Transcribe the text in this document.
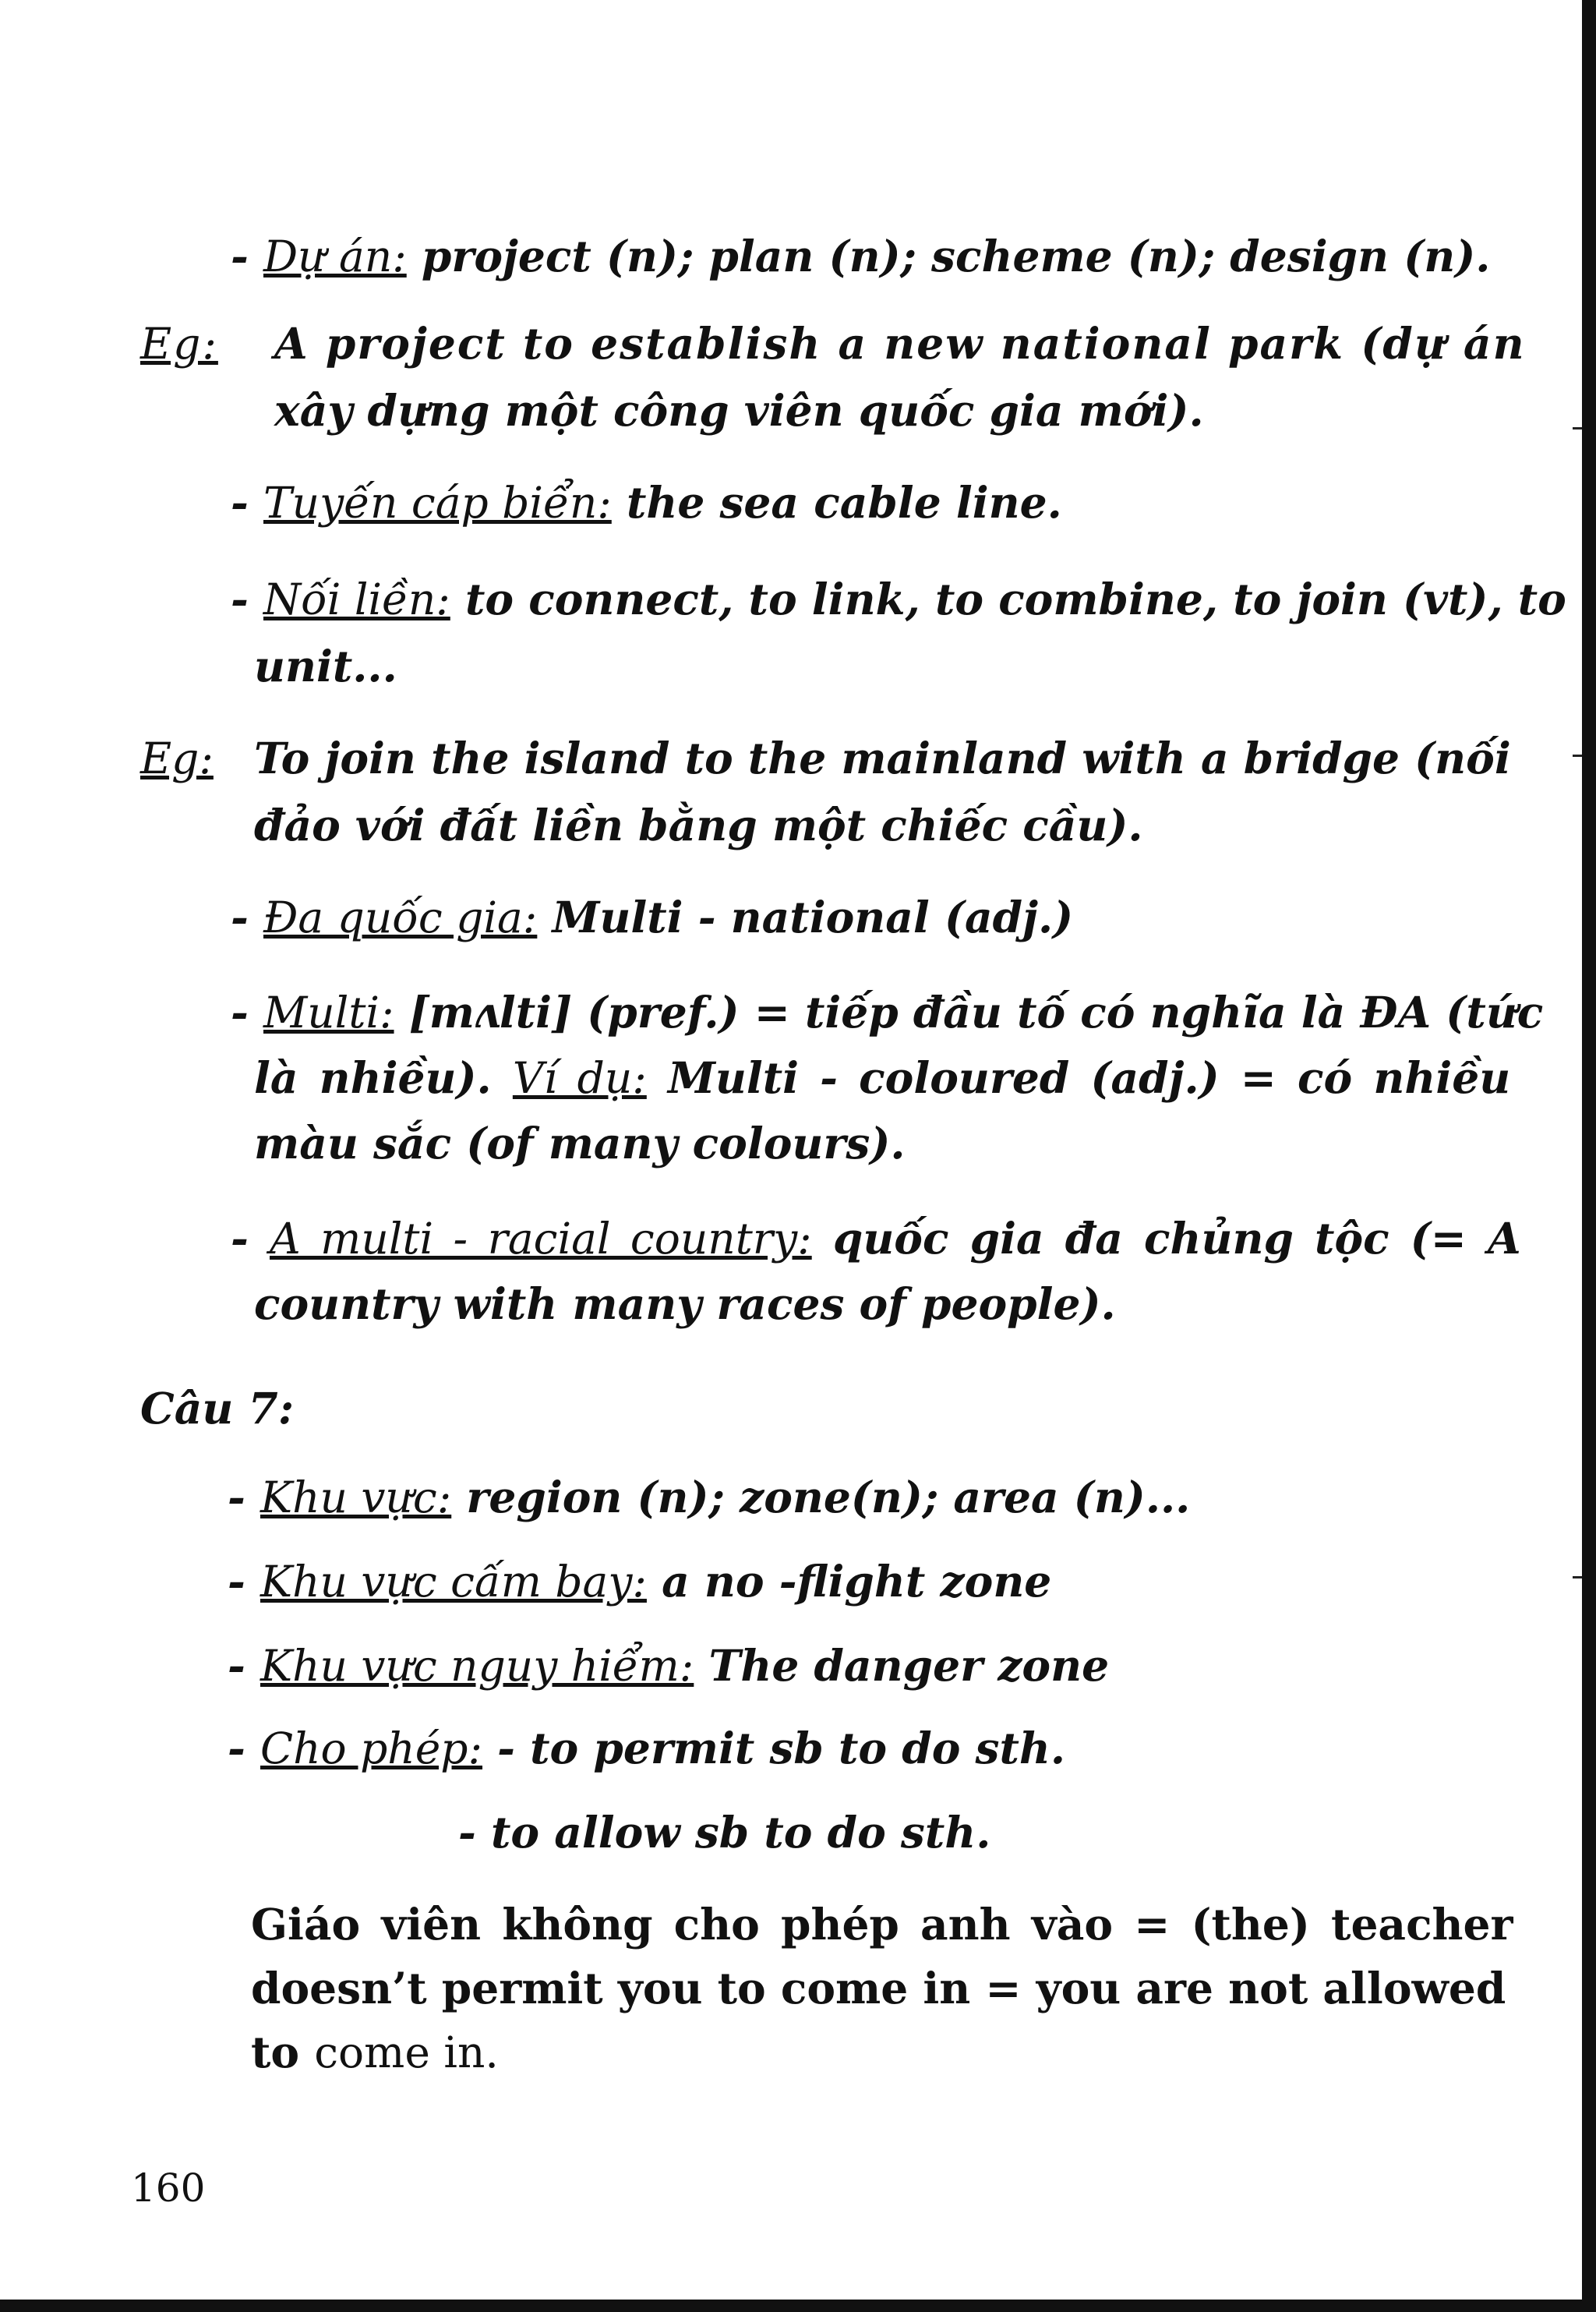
- Dự án: project (n); plan (n); scheme (n); design (n).
Eg: A project to establish a new national park (dự án
xây dựng một công viên quốc gia mới).
- Tuyến cáp biển: the sea cable line.
- Nối liền: to connect, to link, to combine, to join (vt), to
unit...
Eg: To join the island to the mainland with a bridge (nối
đảo với đất liền bằng một chiếc cầu).
- Đa quốc gia: Multi - national (adj.)
- Multi: [mʌlti] (pref.) = tiếp đầu tố có nghĩa là ĐA (tức
là nhiều). Ví dụ: Multi - coloured (adj.) = có nhiều
màu sắc (of many colours).
- A multi - racial country: quốc gia đa chủng tộc (= A
country with many races of people).
Câu 7:
- Khu vực: region (n); zone(n); area (n)...
- Khu vực cấm bay: a no -flight zone
- Khu vực nguy hiểm: The danger zone
- Cho phép: - to permit sb to do sth.
- to allow sb to do sth.
Giáo viên không cho phép anh vào = (the) teacher
doesn’t permit you to come in = you are not allowed
to come in.
160
